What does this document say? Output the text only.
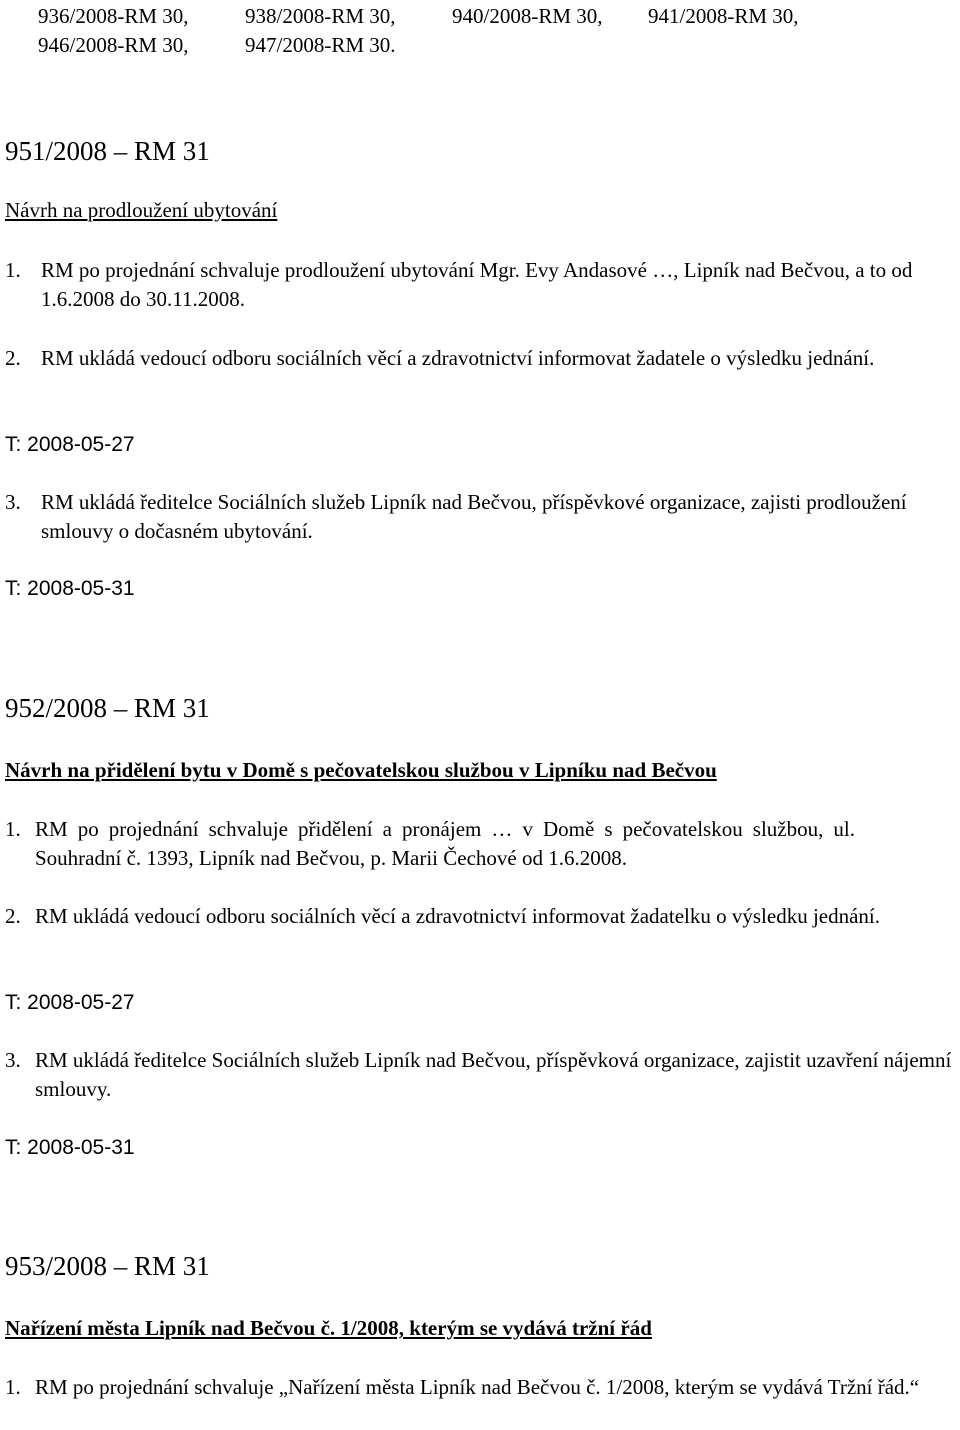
936/2008-RM 30,	938/2008-RM 30,	940/2008-RM 30, 941/2008-RM 30,
946/2008-RM 30,	947/2008-RM 30.
951/2008 – RM 31
Návrh na prodloužení ubytování
1. RM po projednání schvaluje prodloužení ubytování Mgr. Evy Andasové …, Lipník nad Bečvou, a to od 1.6.2008 do 30.11.2008.
2. RM ukládá vedoucí odboru sociálních věcí a zdravotnictví informovat žadatele o výsledku jednání.
T: 2008-05-27
3. RM ukládá ředitelce Sociálních služeb Lipník nad Bečvou, příspěvkové organizace, zajisti prodloužení smlouvy o dočasném ubytování.
T: 2008-05-31
952/2008 – RM 31
Návrh na přidělení bytu v Domě s pečovatelskou službou v Lipníku nad Bečvou
1. RM po projednání schvaluje přidělení a pronájem … v Domě s pečovatelskou službou, ul. Souhradní č. 1393, Lipník nad Bečvou, p. Marii Čechové od 1.6.2008.
2. RM ukládá vedoucí odboru sociálních věcí a zdravotnictví informovat žadatelku o výsledku jednání.
T: 2008-05-27
3. RM ukládá ředitelce Sociálních služeb Lipník nad Bečvou, příspěvková organizace, zajistit uzavření nájemní smlouvy.
T: 2008-05-31
953/2008 – RM 31
Nařízení města Lipník nad Bečvou č. 1/2008, kterým se vydává tržní řád
1. RM po projednání schvaluje „Nařízení města Lipník nad Bečvou č. 1/2008, kterým se vydává Tržní řád.“
